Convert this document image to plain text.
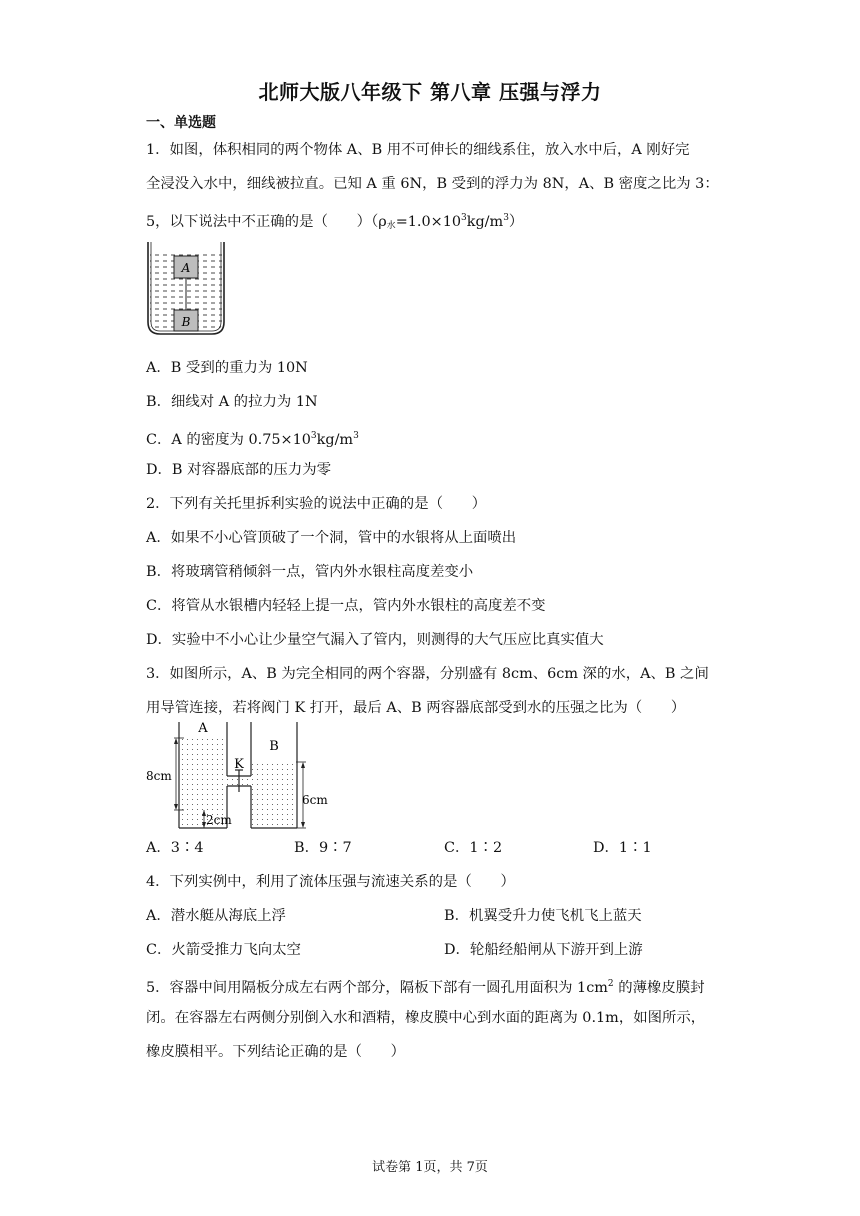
北师大版八年级下 第八章 压强与浮力
一、单选题
1．如图，体积相同的两个物体 A、B 用不可伸长的细线系住，放入水中后，A 刚好完
全浸没入水中，细线被拉直。已知 A 重 6N，B 受到的浮力为 8N，A、B 密度之比为 3：
5，以下说法中不正确的是（　　）$(\rho_水=1.0\times 10^3kg/m^3)$
A
B
A．B 受到的重力为 10N
B．细线对 A 的拉力为 1N
C．A 的密度为 $0.75\times 10^3kg/m^3$
D．B 对容器底部的压力为零
2．下列有关托里拆利实验的说法中正确的是（　　）
A．如果不小心管顶破了一个洞，管中的水银将从上面喷出
B．将玻璃管稍倾斜一点，管内外水银柱高度差变小
C．将管从水银槽内轻轻上提一点，管内外水银柱的高度差不变
D．实验中不小心让少量空气漏入了管内，则测得的大气压应比真实值大
3．如图所示，A、B 为完全相同的两个容器，分别盛有 8cm、6cm 深的水，A、B 之间
用导管连接，若将阀门 K 打开，最后 A、B 两容器底部受到水的压强之比为（　　）
K
A
B
8cm
6cm
2cm
A．3∶4	B．9∶7	C．1∶2	D．1∶1
4．下列实例中，利用了流体压强与流速关系的是（　　）
A．潜水艇从海底上浮	B．机翼受升力使飞机飞上蓝天
C．火箭受推力飞向太空	D．轮船经船闸从下游开到上游
5．容器中间用隔板分成左右两个部分，隔板下部有一圆孔用面积为 $1cm^2$ 的薄橡皮膜封
闭。在容器左右两侧分别倒入水和酒精，橡皮膜中心到水面的距离为 0.1m，如图所示，
橡皮膜相平。下列结论正确的是（　　）
试卷第 1页，共 7页
